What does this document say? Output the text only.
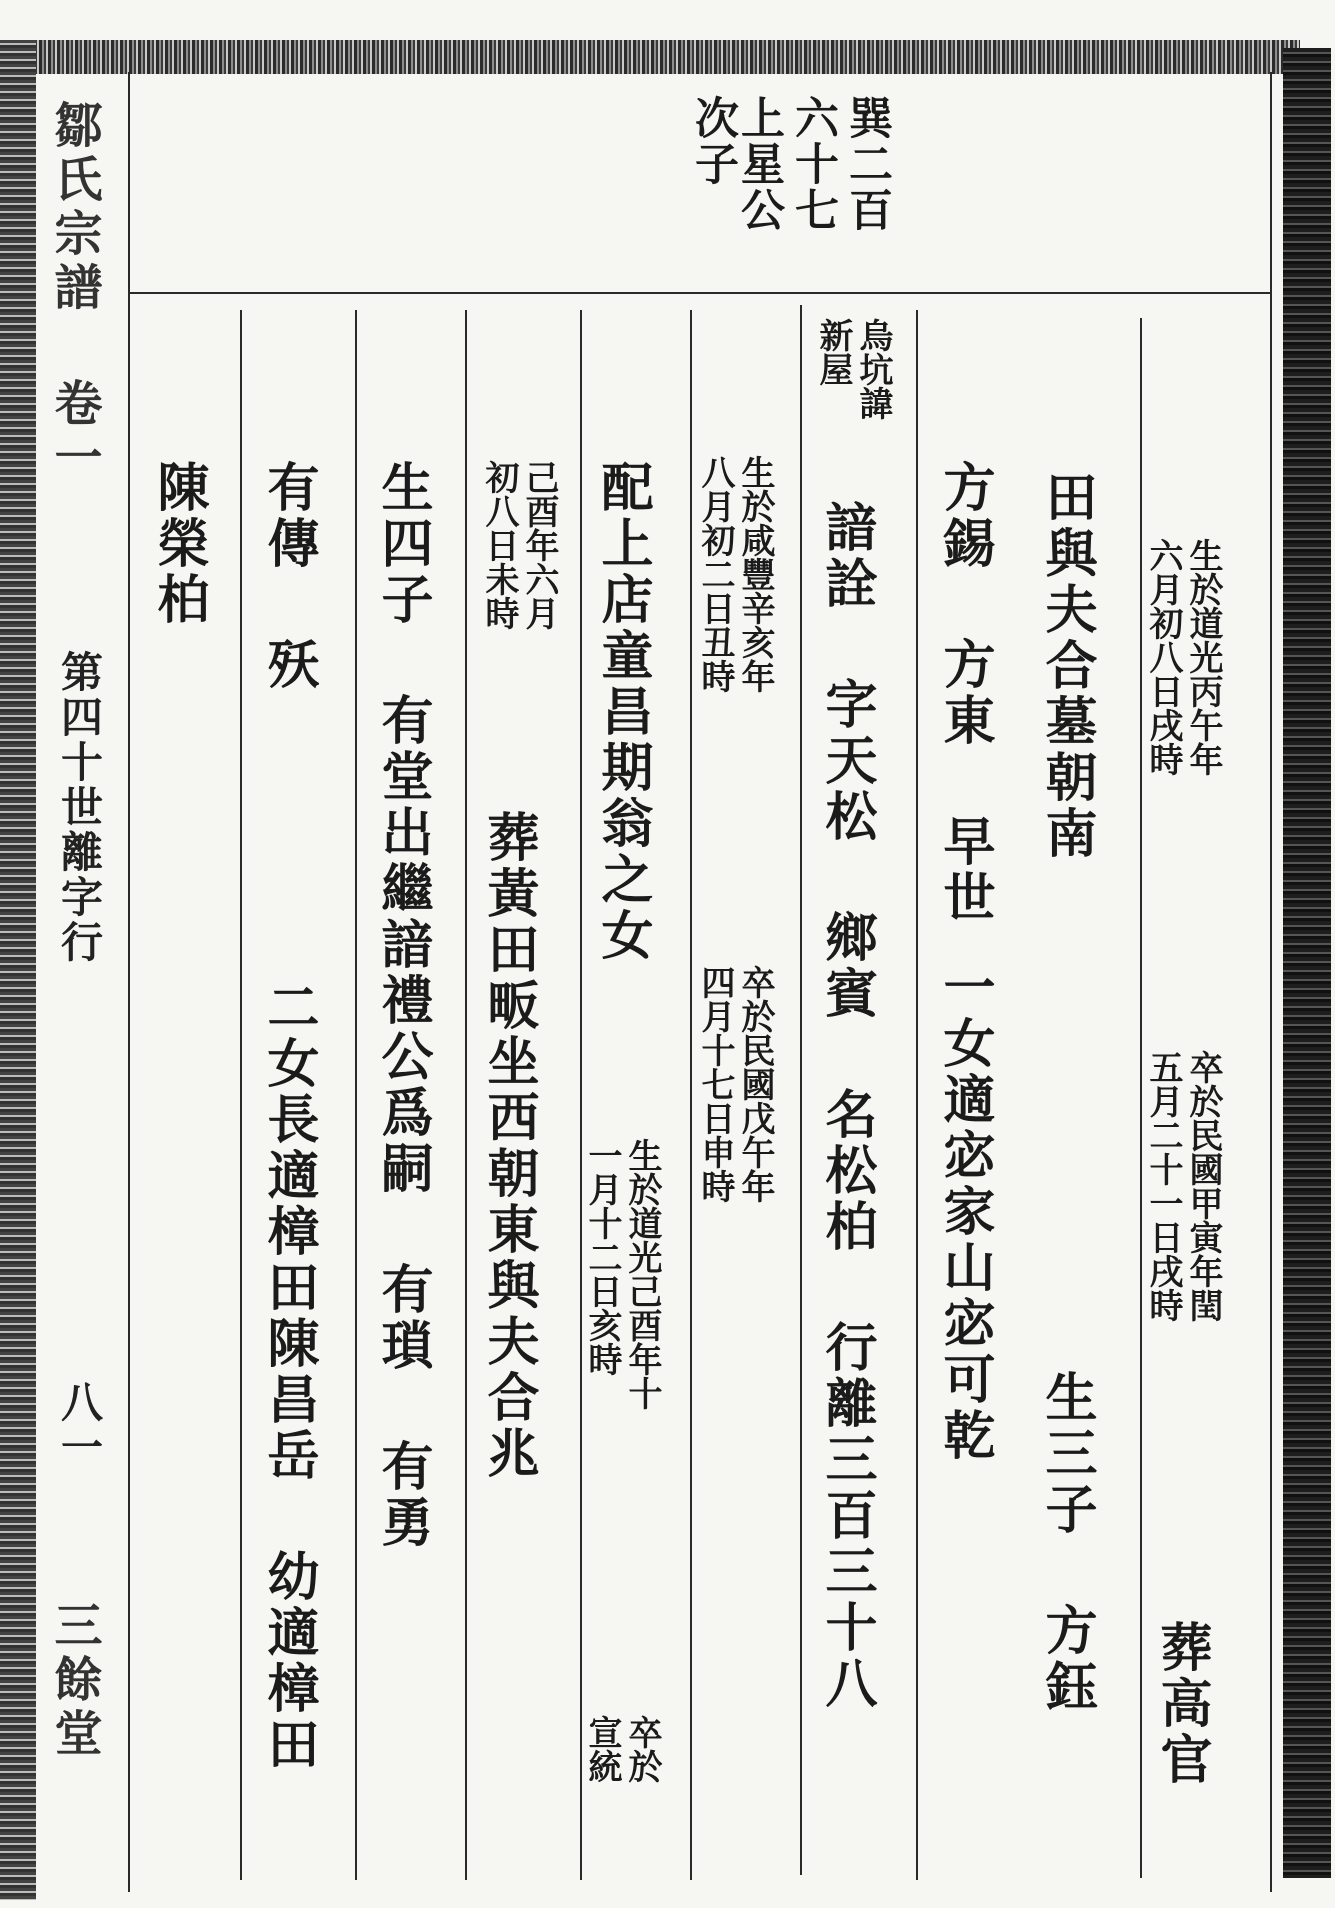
鄒氏宗譜 卷一
第四十世離字行
八一
三餘堂
巽二百
六十七
上星公
次子
生於道光丙午年
六月初八日戌時
卒於民國甲寅年閏
五月二十一日戌時
葬高官
田與夫合墓朝南
生三子 方鈺
方錫 方東 早世
一女適宓家山宓可乾
烏坑諱
新屋
諳詮 字天松 鄉賓 名松柏 行離三百三十八
生於咸豐辛亥年
八月初二日丑時
卒於民國戊午年
四月十七日申時
配上店童昌期翁之女
生於道光己酉年十
一月十二日亥時
卒於
宣統
己酉年六月
初八日未時
葬黃田畈坐西朝東與夫合兆
生四子 有堂出繼諳禮公爲嗣 有瑣 有勇
有傳 殀
二女長適樟田陳昌岳 幼適樟田
陳榮柏
